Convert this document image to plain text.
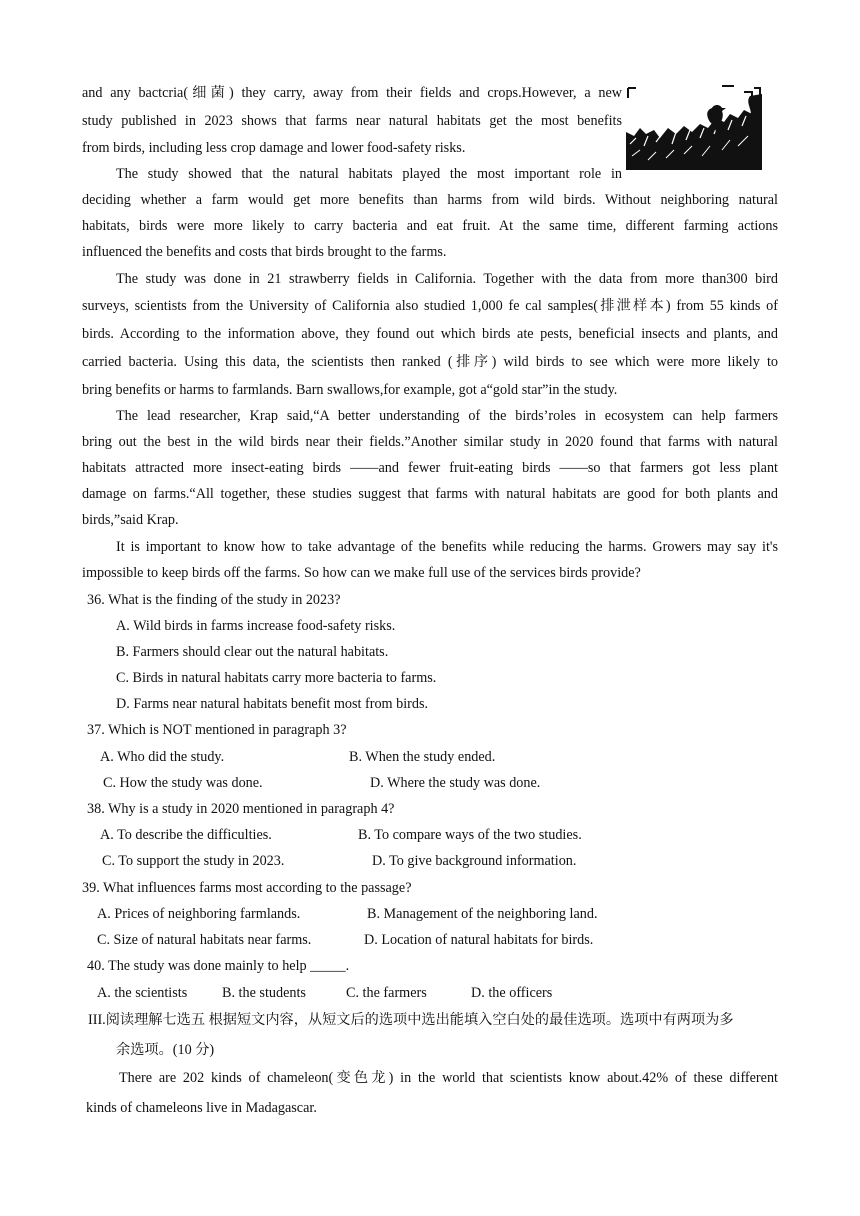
and any bactcria(细菌) they carry, away from their fields and crops.However, a new
study published in 2023 shows that farms near natural habitats get the most benefits
from birds, including less crop damage and lower food-safety risks.
The study showed that the natural habitats played the most important role in
deciding whether a farm would get more benefits than harms from wild birds. Without neighboring natural
habitats, birds were more likely to carry bacteria and eat fruit. At the same time, different farming actions
influenced the benefits and costs that birds brought to the farms.
The study was done in 21 strawberry fields in California. Together with the data from more than300 bird
surveys, scientists from the University of California also studied 1,000 fe cal samples(排泄样本) from 55 kinds of
birds. According to the information above, they found out which birds ate pests, beneficial insects and plants, and
carried bacteria. Using this data, the scientists then ranked (排序) wild birds to see which were more likely to
bring benefits or harms to farmlands. Barn swallows,for example, got a“gold star”in the study.
The lead researcher, Krap said,“A better understanding of the birds’roles in ecosystem can help farmers
bring out the best in the wild birds near their fields.”Another similar study in 2020 found that farms with natural
habitats attracted more insect-eating birds ——and fewer fruit-eating birds ——so that farmers got less plant
damage on farms.“All together, these studies suggest that farms with natural habitats are good for both plants and
birds,”said Krap.
It is important to know how to take advantage of the benefits while reducing the harms. Growers may say it's
impossible to keep birds off the farms. So how can we make full use of the services birds provide?
36. What is the finding of the study in 2023?
A. Wild birds in farms increase food-safety risks.
B. Farmers should clear out the natural habitats.
C. Birds in natural habitats carry more bacteria to farms.
D. Farms near natural habitats benefit most from birds.
37. Which is NOT mentioned in paragraph 3?
A. Who did the study.	B. When the study ended.
C. How the study was done.	D. Where the study was done.
38. Why is a study in 2020 mentioned in paragraph 4?
A. To describe the difficulties.	B. To compare ways of the two studies.
C. To support the study in 2023.	D. To give background information.
39. What influences farms most according to the passage?
A. Prices of neighboring farmlands.	B. Management of the neighboring land.
C. Size of natural habitats near farms.	D. Location of natural habitats for birds.
40. The study was done mainly to help _____.
A. the scientists B. the students	C. the farmers	D. the officers
III.阅读理解七选五 根据短文内容，从短文后的选项中选出能填入空白处的最佳选项。选项中有两项为多
余选项。(10 分)
There are 202 kinds of chameleon(变色龙) in the world that scientists know about.42% of these different
kinds of chameleons live in Madagascar.
